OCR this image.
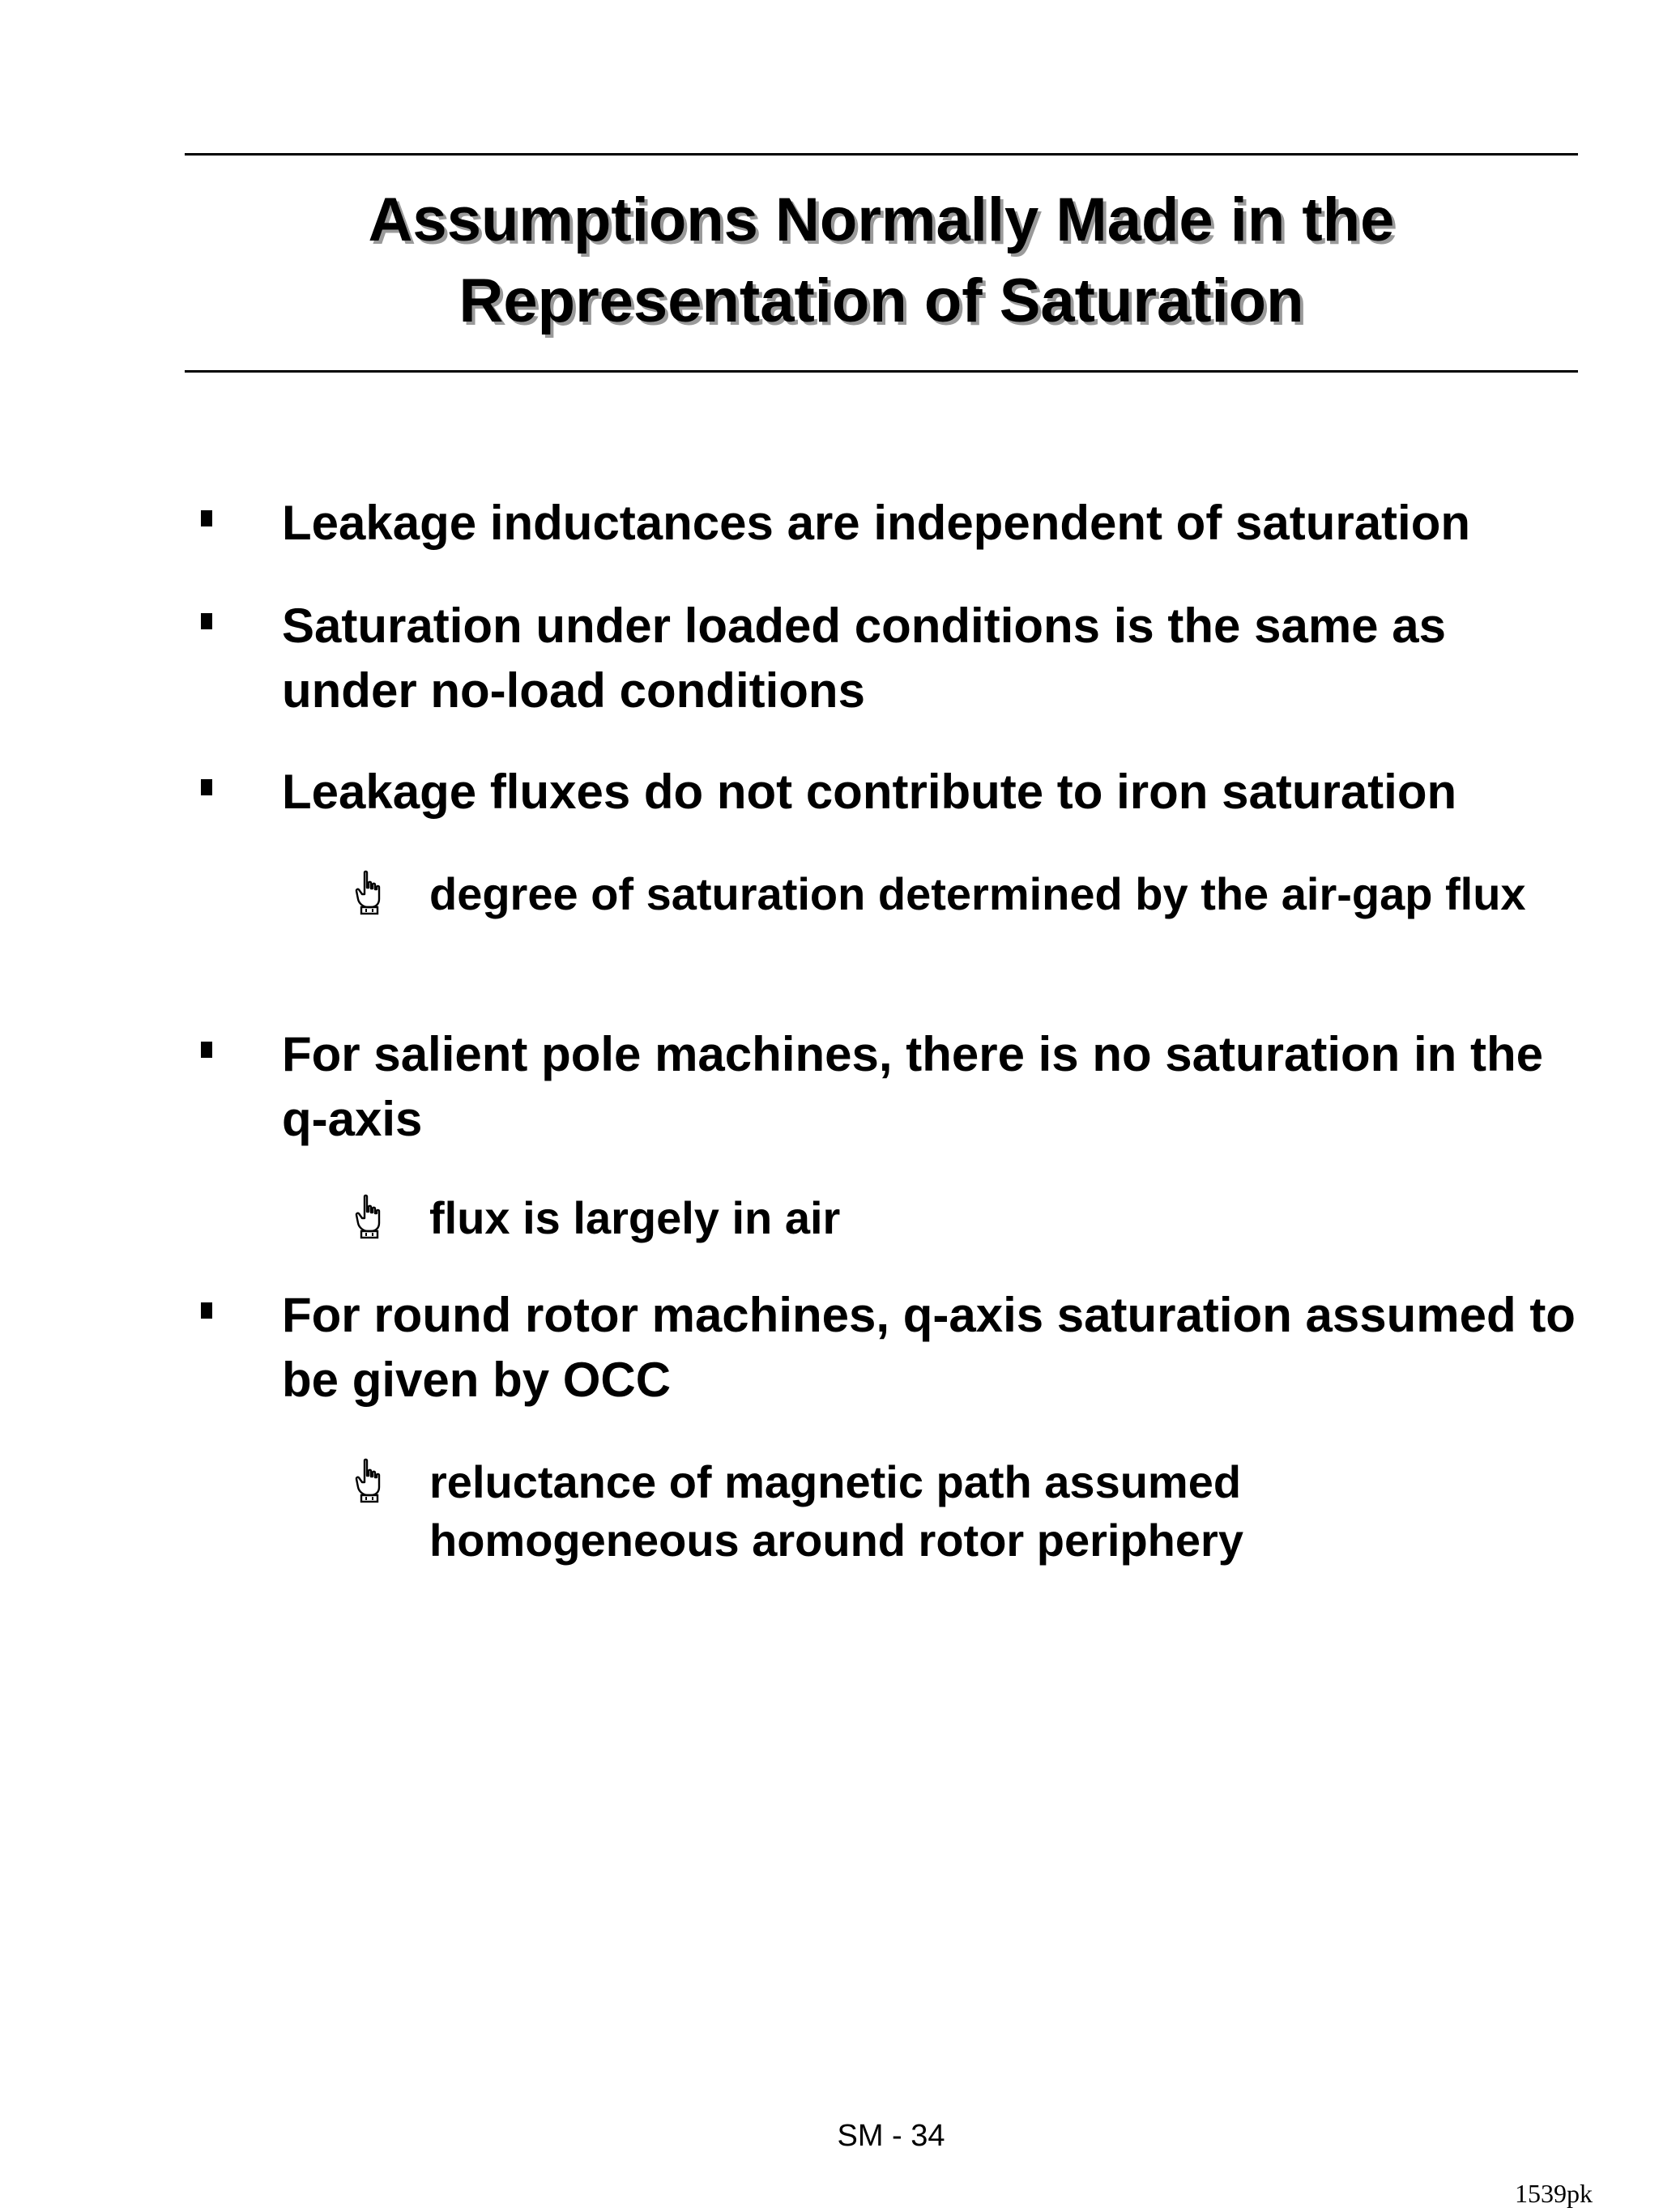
Assumptions Normally Made in the
Representation of Saturation
Leakage inductances are independent of saturation
Saturation under loaded conditions is the same as under no-load conditions
Leakage fluxes do not contribute to iron saturation
degree of saturation determined by the air-gap flux
For salient pole machines, there is no saturation in the q-axis
flux is largely in air
For round rotor machines, q-axis saturation assumed to be given by OCC
reluctance of magnetic path assumed homogeneous around rotor periphery
SM - 34
1539pk
